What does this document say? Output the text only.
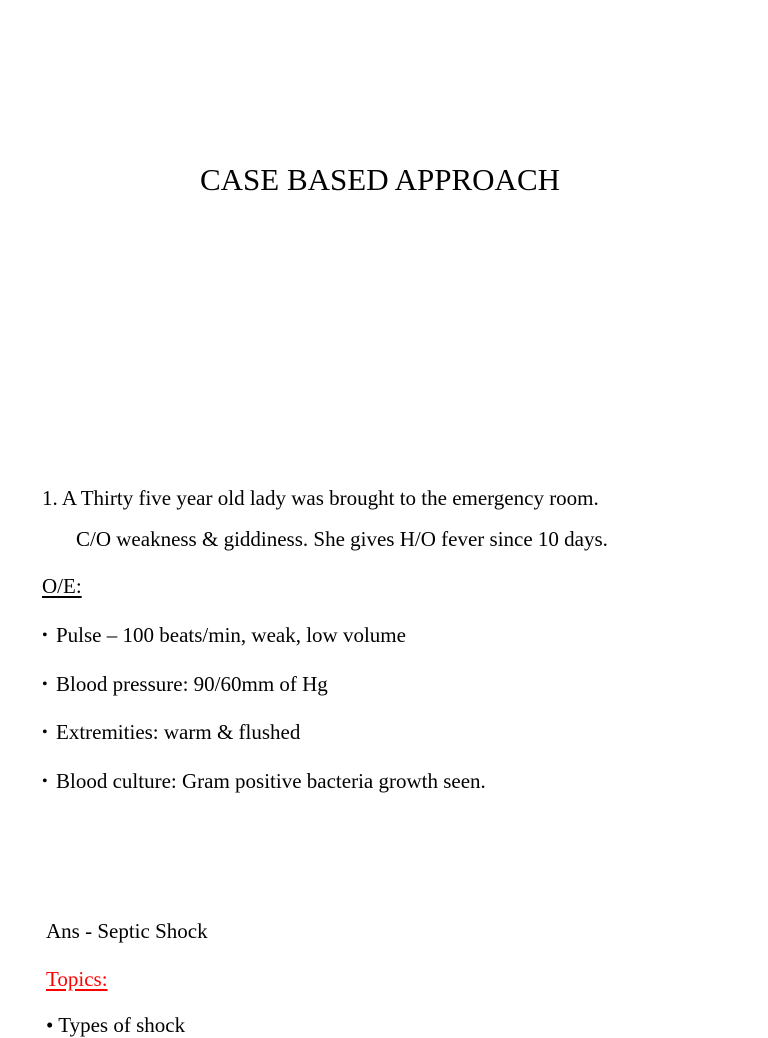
CASE BASED APPROACH
1. A Thirty five year old lady was brought to the emergency room.
C/O weakness & giddiness. She gives H/O fever since 10 days.
O/E:
• Pulse – 100 beats/min, weak, low volume
• Blood pressure: 90/60mm of Hg
• Extremities: warm & flushed
• Blood culture: Gram positive bacteria growth seen.
Ans - Septic Shock
Topics:
• Types of shock
